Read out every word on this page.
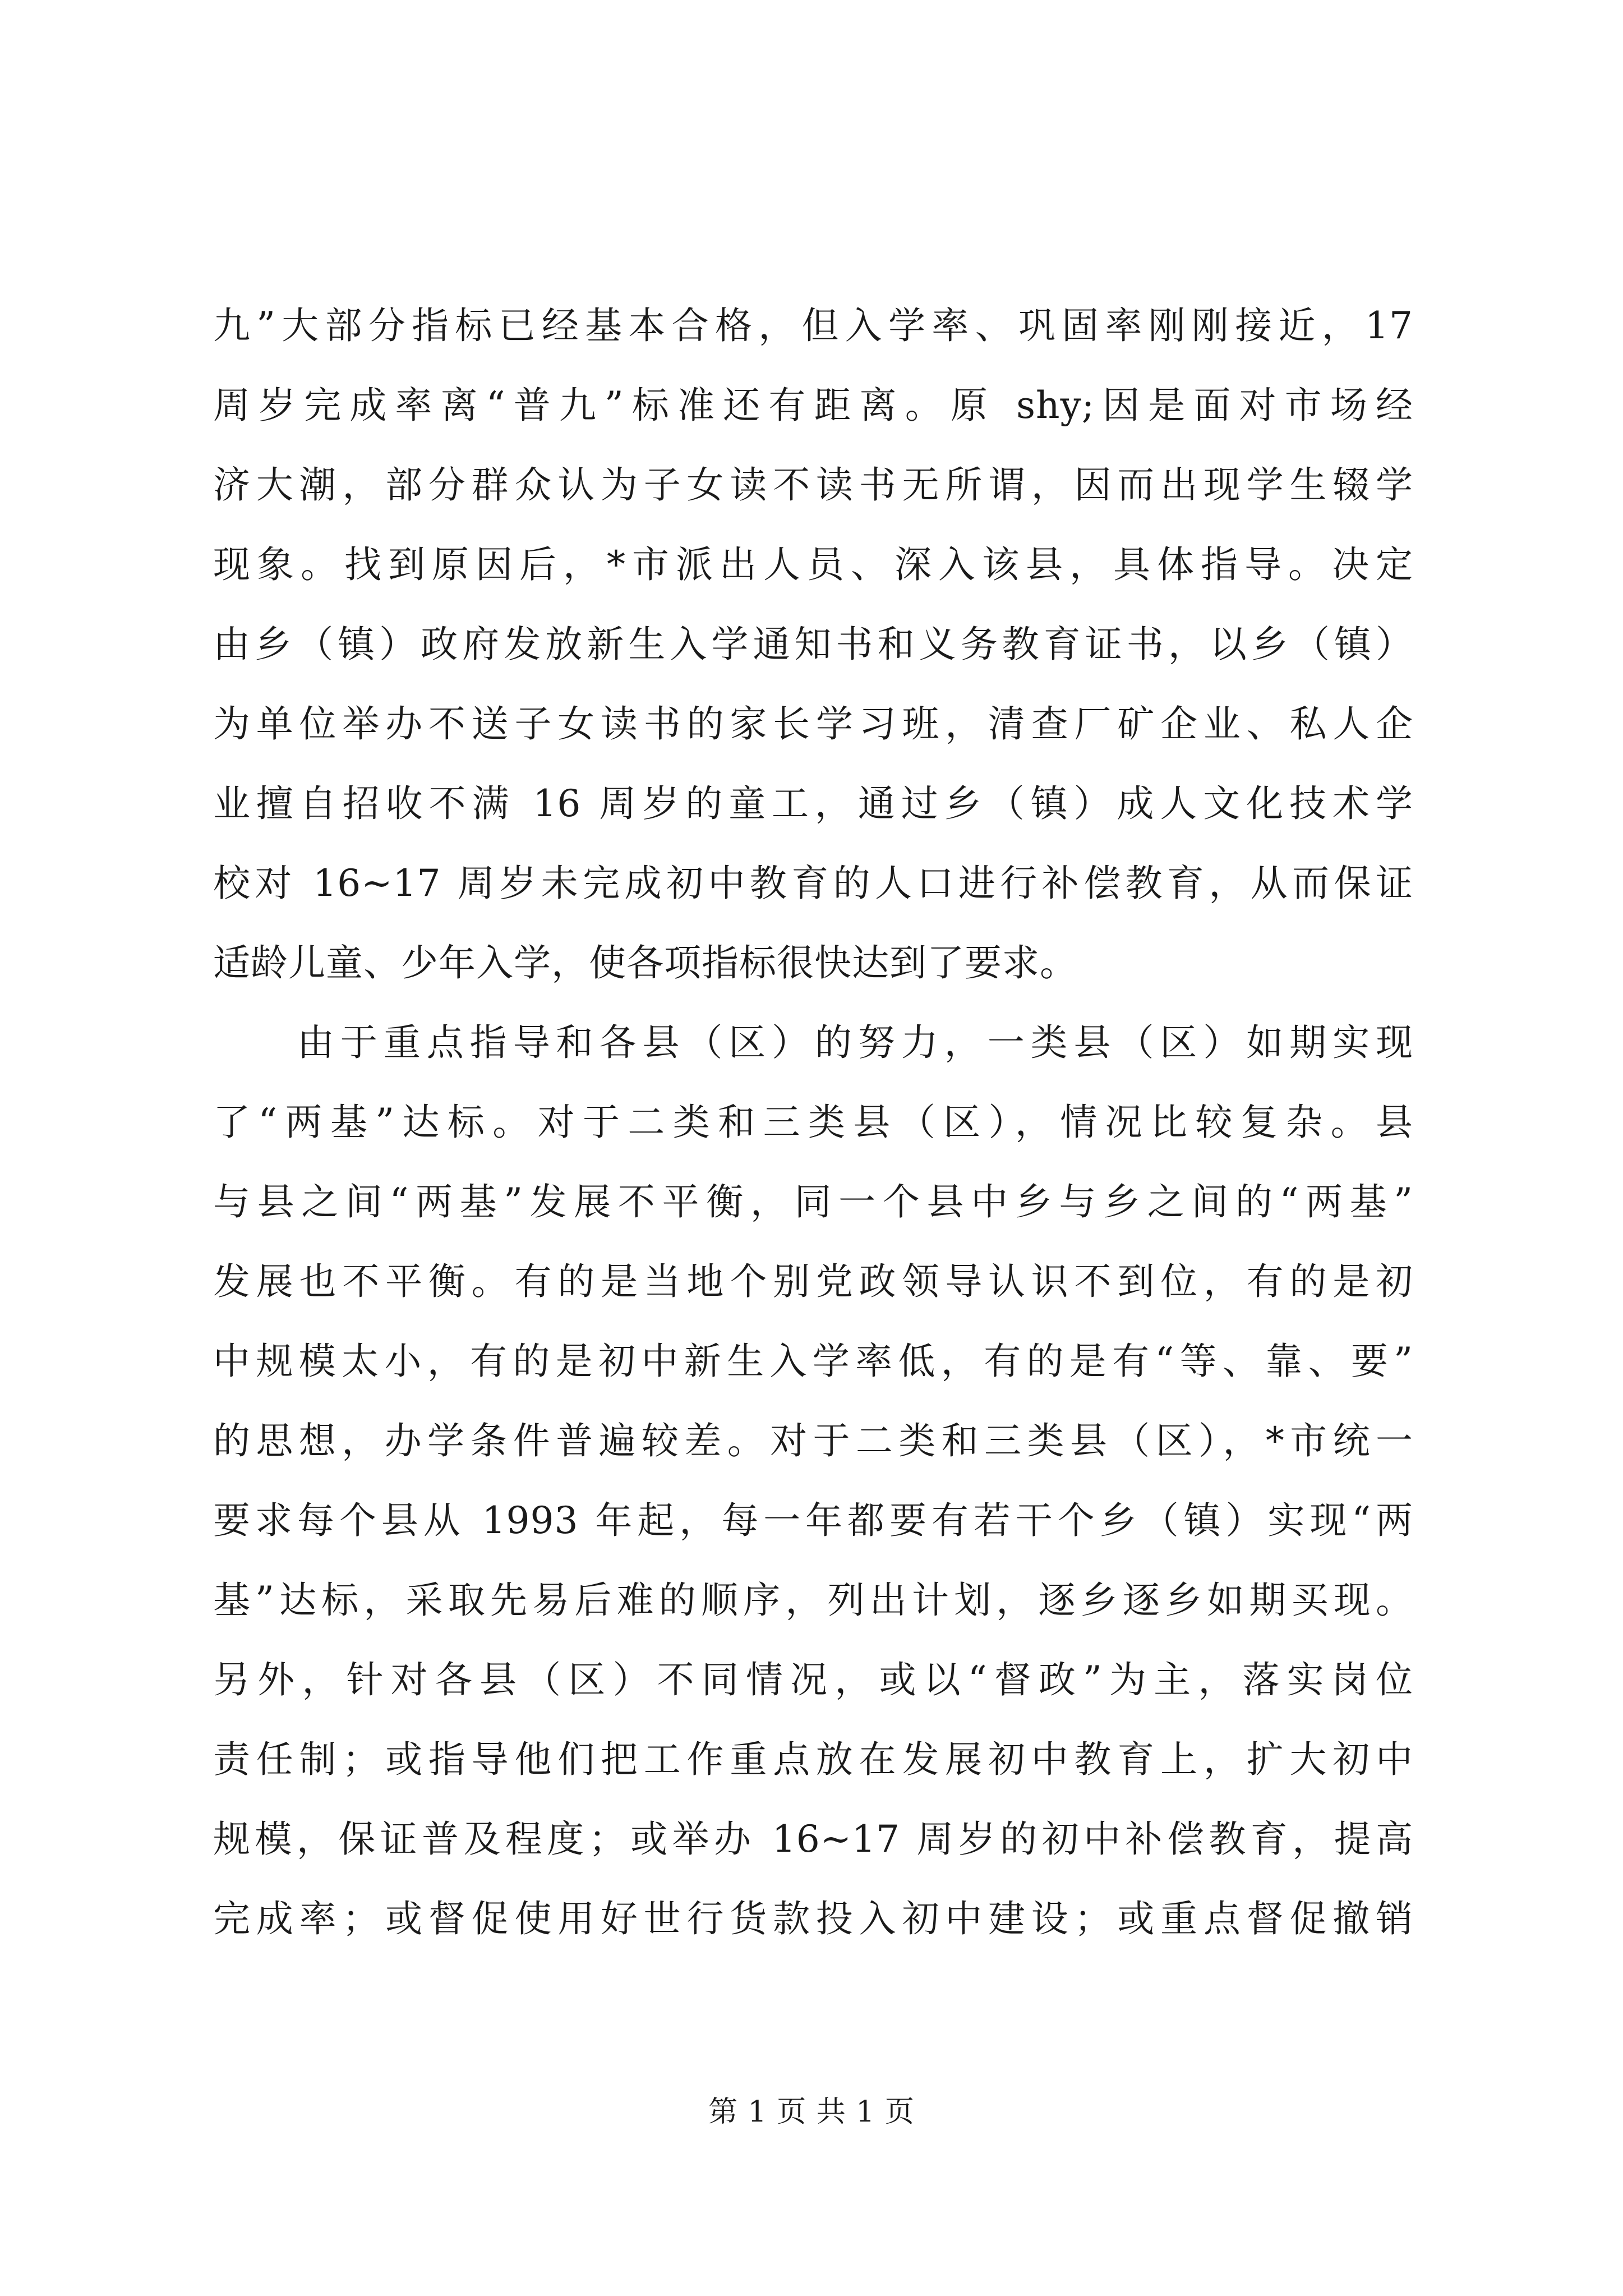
九”大部分指标已经基本合格，但入学率、巩固率刚刚接近，17
周岁完成率离“普九”标准还有距离。原 shy;因是面对市场经
济大潮，部分群众认为子女读不读书无所谓，因而出现学生辍学
现象。找到原因后，*市派出人员、深入该县，具体指导。决定
由乡（镇）政府发放新生入学通知书和义务教育证书，以乡（镇）
为单位举办不送子女读书的家长学习班，清查厂矿企业、私人企
业擅自招收不满 16 周岁的童工，通过乡（镇）成人文化技术学
校对 16~17 周岁未完成初中教育的人口进行补偿教育，从而保证
适龄儿童、少年入学，使各项指标很快达到了要求。
由于重点指导和各县（区）的努力，一类县（区）如期实现
了“两基”达标。对于二类和三类县（区），情况比较复杂。县
与县之间“两基”发展不平衡，同一个县中乡与乡之间的“两基”
发展也不平衡。有的是当地个别党政领导认识不到位，有的是初
中规模太小，有的是初中新生入学率低，有的是有“等、靠、要”
的思想，办学条件普遍较差。对于二类和三类县（区），*市统一
要求每个县从 1993 年起，每一年都要有若干个乡（镇）实现“两
基”达标，采取先易后难的顺序，列出计划，逐乡逐乡如期买现。
另外，针对各县（区）不同情况，或以“督政”为主，落实岗位
责任制；或指导他们把工作重点放在发展初中教育上，扩大初中
规模，保证普及程度；或举办 16~17 周岁的初中补偿教育，提高
完成率；或督促使用好世行货款投入初中建设；或重点督促撤销
第 1 页 共 1 页
